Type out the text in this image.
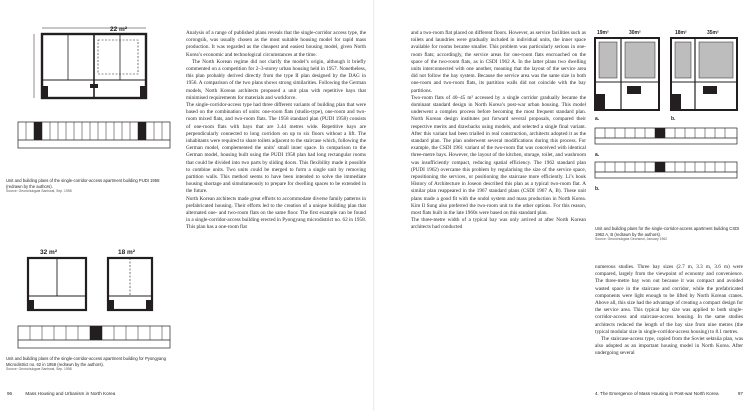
22 m²
Unit and building plans of the single-corridor-access apartment building PUDI 1958 (redrawn by the authors).
Source: Geonchukgwa Sanhwal, Sep. 1958
32 m²	18 m²
Unit and building plans of the single-corridor-access apartment building for Pyongyang Microdistrict no. 62 in 1958 (redrawn by the authors).
Source: Geonchukgwa Sanhwal, Sep. 1958

Analysis of a range of published plans reveals that the single-corridor access type, the corongsik, was usually chosen as the most suitable housing model for rapid mass production. It was regarded as the cheapest and easiest housing model, given North Korea’s economic and technological circumstances at the time.

The North Korean regime did not clarify the model’s origin, although it briefly commented on a competition for 2–3-storey urban housing held in 1957. Nonetheless, this plan probably derived directly from the type II plan designed by the DAG in 1956. A comparison of the two plans shows strong similarities. Following the German models, North Korean architects proposed a unit plan with repetitive bays that minimised requirements for materials and workforce.

The single-corridor-access type had three different variants of building plan that were based on the combination of units: one-room flats (studio-type), one-room and two-room mixed flats, and two-room flats. The 1958 standard plan (PUDI 1958) consists of one-room flats with bays that are 3.44 metres wide. Repetitive bays are perpendicularly connected to long corridors on up to six floors without a lift. The inhabitants were required to share toilets adjacent to the staircase which, following the German model, complemented the units’ small inner space. In comparison to the German model, housing built using the PUDI 1958 plan had long rectangular rooms that could be divided into two parts by sliding doors. This flexibility made it possible to combine units. Two units could be merged to form a single unit by removing partition walls. This method seems to have been intended to solve the immediate housing shortage and simultaneously to prepare for dwelling spaces to be extended in the future.

North Korean architects made great efforts to accommodate diverse family patterns in prefabricated housing. Their efforts led to the creation of a unique building plan that alternated one- and two-room flats on the same floor. The first example can be found in a single-corridor-access building erected in Pyongyang microdistrict no. 62 in 1958. This plan has a one-room flat

96	Mass Housing and Urbanism in North Korea

and a two-room flat placed on different floors. However, as service facilities such as toilets and laundries were gradually included in individual units, the inner space available for rooms became smaller. This problem was particularly serious in one-room flats; accordingly, the service areas for one-room flats encroached on the space of the two-room flats, as in CSDI 1962 A. In the latter plans two dwelling units interconnected with one another, meaning that the layout of the service area did not follow the bay system. Because the service area was the same size in both one-room and two-room flats, its partition walls did not coincide with the bay partitions.

Two-room flats of 40–45 m² accessed by a single corridor gradually became the dominant standard design in North Korea’s post-war urban housing. This model underwent a complex process before becoming the most frequent standard plan. North Korean design institutes put forward several proposals, compared their respective merits and drawbacks using models, and selected a single final variant. After this variant had been trialled in real construction, architects adopted it as the standard plan. The plan underwent several modifications during this process. For example, the CSDI 1961 variant of the two-room flat was conceived with identical three-metre bays. However, the layout of the kitchen, storage, toilet, and washroom was insufficiently compact, reducing spatial efficiency. The 1962 standard plan (PUDI 1962) overcame this problem by regularising the size of the service space, repositioning the services, or positioning the staircase more efficiently. Li’s book History of Architecture in Joseon described this plan as a typical two-room flat. A similar plan reappeared in the 1967 standard plans (CSDI 1967 A, B). These unit plans made a good fit with the ondol system and mass production in North Korea. Kim Il Sung also preferred the two-room unit to the other options. For this reason, most flats built in the late 1960s were based on this standard plan.

The three-metre width of a typical bay was only arrived at after North Korean architects had conducted

19m²	30m²	18m²	35m²
a.	b.
a.
b.
Unit and building plans for the single-corridor-access apartment building CSDI 1962 A, B (redrawn by the authors).
Source: Geonchukgwa Geonseol, January 1962

numerous studies. Three bay sizes (2.7 m, 3.3 m, 3.6 m) were compared, largely from the viewpoint of economy and convenience. The three-metre bay won out because it was compact and avoided wasted space in the staircase and corridor, while the prefabricated components were light enough to be lifted by North Korean cranes. Above all, this size had the advantage of creating a compact design for the service area. This typical bay size was applied to both single-corridor-access and staircase-access housing. In the same studies architects reduced the length of the bay size from nine metres (the typical modular size in single-corridor-access housing) to 8.1 metres.

The staircase-access type, copied from the Soviet sektsiia plan, was also adopted as an important housing model in North Korea. After undergoing several

4. The Emergence of Mass Housing in Post-war North Korea	97
